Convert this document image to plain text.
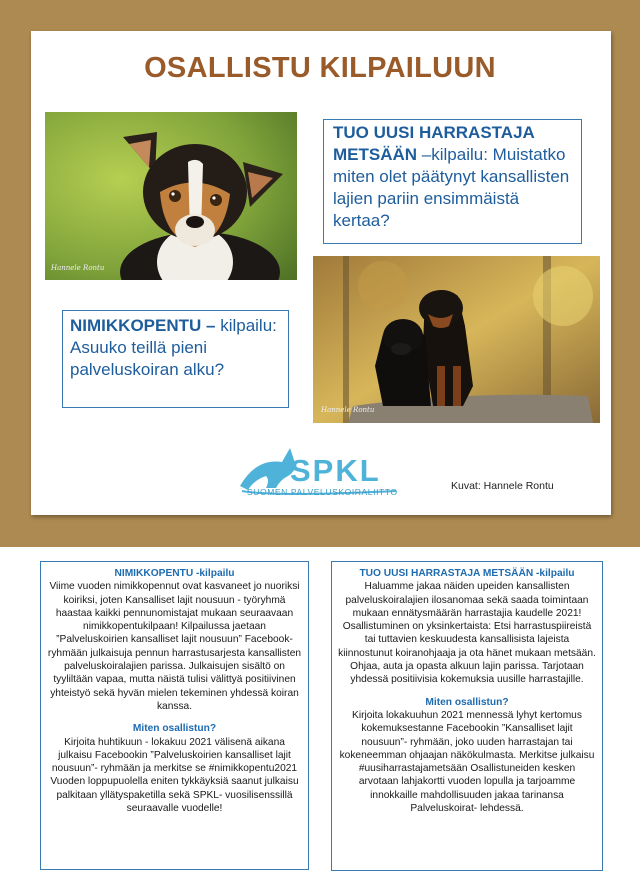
OSALLISTU KILPAILUUN
Hannele Rontu
TUO UUSI HARRASTAJA METSÄÄN –kilpailu: Muistatko miten olet päätynyt kansallisten lajien pariin ensimmäistä kertaa?
Hannele Rontu
NIMIKKOPENTU – kilpailu: Asuuko teillä pieni palveluskoiran alku?
SPKL
SUOMEN PALVELUSKOIRALIITTO	Kuvat: Hannele Rontu
NIMIKKOPENTU -kilpailu

Viime vuoden nimikkopennut ovat kasvaneet jo nuoriksi koiriksi, joten Kansalliset lajit nousuun - työryhmä haastaa kaikki pennunomistajat mukaan seuraavaan nimikkopentukilpaan! Kilpailussa jaetaan ”Palveluskoirien kansalliset lajit nousuun” Facebook-ryhmään julkaisuja pennun harrastusarjesta kansallisten palveluskoiralajien parissa. Julkaisujen sisältö on tyyliltään vapaa, mutta näistä tulisi välittyä positiivinen yhteistyö sekä hyvän mielen tekeminen yhdessä koiran kanssa.

Miten osallistun?

Kirjoita huhtikuun - lokakuu 2021 välisenä aikana julkaisu Facebookin ”Palveluskoirien kansalliset lajit nousuun”- ryhmään ja merkitse se #nimikkopentu2021 Vuoden loppupuolella eniten tykkäyksiä saanut julkaisu palkitaan yllätyspaketilla sekä SPKL- vuosilisenssillä seuraavalle vuodelle!

TUO UUSI HARRASTAJA METSÄÄN -kilpailu

Haluamme jakaa näiden upeiden kansallisten palveluskoiralajien ilosanomaa sekä saada toimintaan mukaan ennätysmäärän harrastajia kaudelle 2021! Osallistuminen on yksinkertaista: Etsi harrastuspiireistä tai tuttavien keskuudesta kansallisista lajeista kiinnostunut koiranohjaaja ja ota hänet mukaan metsään. Ohjaa, auta ja opasta alkuun lajin parissa. Tarjotaan yhdessä positiivisia kokemuksia uusille harrastajille.

Miten osallistun?

Kirjoita lokakuuhun 2021 mennessä lyhyt kertomus kokemuksestanne Facebookin ”Kansalliset lajit nousuun”- ryhmään, joko uuden harrastajan tai kokeneemman ohjaajan näkökulmasta. Merkitse julkaisu #uusiharrastajametsään Osallistuneiden kesken arvotaan lahjakortti vuoden lopulla ja tarjoamme innokkaille mahdollisuuden jakaa tarinansa Palveluskoirat- lehdessä.
